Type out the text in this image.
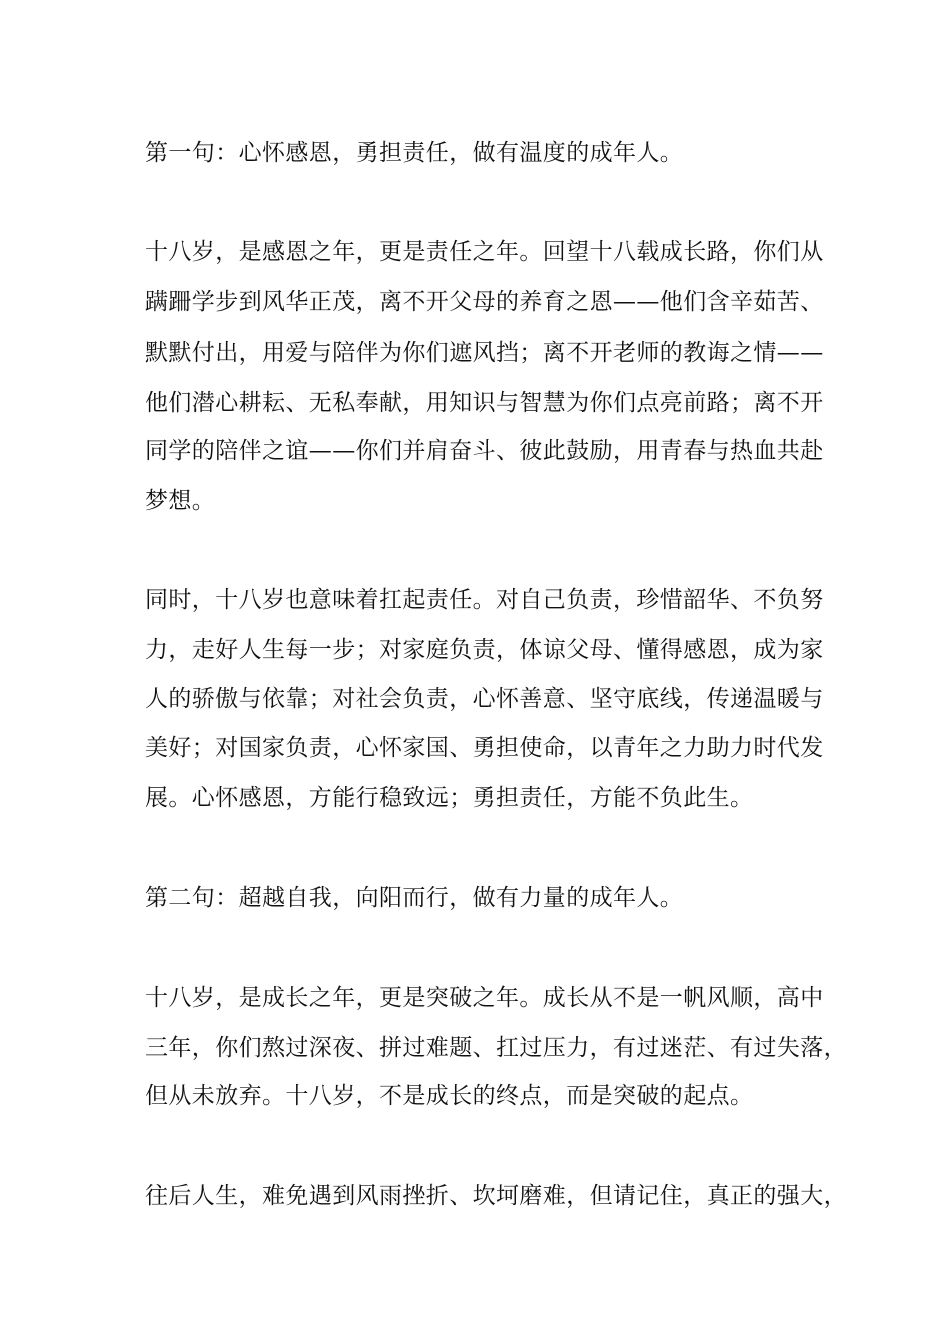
第一句：心怀感恩，勇担责任，做有温度的成年人。
十八岁，是感恩之年，更是责任之年。回望十八载成长路，你们从
蹒跚学步到风华正茂，离不开父母的养育之恩——他们含辛茹苦、
默默付出，用爱与陪伴为你们遮风挡；离不开老师的教诲之情——
他们潜心耕耘、无私奉献，用知识与智慧为你们点亮前路；离不开
同学的陪伴之谊——你们并肩奋斗、彼此鼓励，用青春与热血共赴
梦想。
同时，十八岁也意味着扛起责任。对自己负责，珍惜韶华、不负努
力，走好人生每一步；对家庭负责，体谅父母、懂得感恩，成为家
人的骄傲与依靠；对社会负责，心怀善意、坚守底线，传递温暖与
美好；对国家负责，心怀家国、勇担使命，以青年之力助力时代发
展。心怀感恩，方能行稳致远；勇担责任，方能不负此生。
第二句：超越自我，向阳而行，做有力量的成年人。
十八岁，是成长之年，更是突破之年。成长从不是一帆风顺，高中
三年，你们熬过深夜、拼过难题、扛过压力，有过迷茫、有过失落，
但从未放弃。十八岁，不是成长的终点，而是突破的起点。
往后人生，难免遇到风雨挫折、坎坷磨难，但请记住，真正的强大，
